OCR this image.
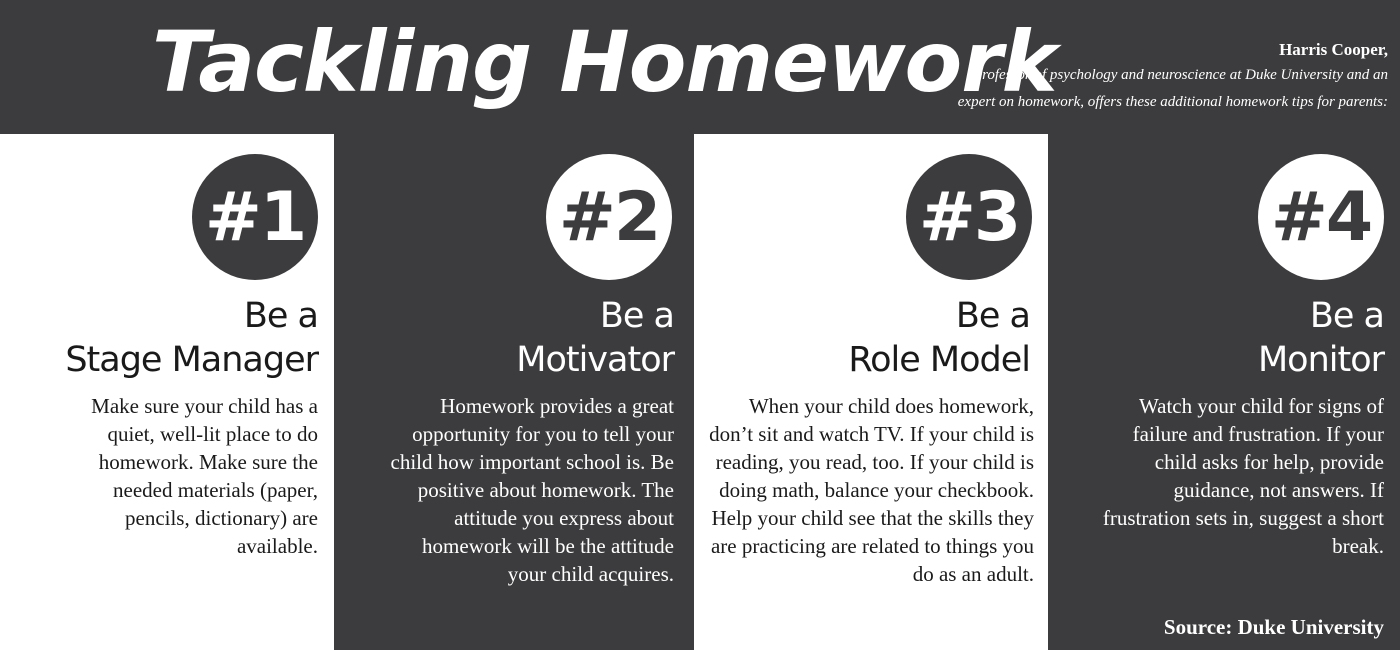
Tackling Homework	Harris Cooper,
professor of psychology and neuroscience at Duke University and an
expert on homework, offers these additional homework tips for parents:
#1
Be a
Stage Manager
Make sure your child has a quiet, well-lit place to do homework. Make sure the needed materials (paper, pencils, dictionary) are available.
#2
Be a
Motivator
Homework provides a great opportunity for you to tell your child how important school is. Be positive about homework. The attitude you express about homework will be the attitude your child acquires.
#3
Be a
Role Model
When your child does homework, don’t sit and watch TV. If your child is reading, you read, too. If your child is doing math, balance your checkbook. Help your child see that the skills they are practicing are related to things you do as an adult.
#4
Be a
Monitor
Watch your child for signs of failure and frustration. If your child asks for help, provide guidance, not answers. If frustration sets in, suggest a short break.
Source: Duke University
